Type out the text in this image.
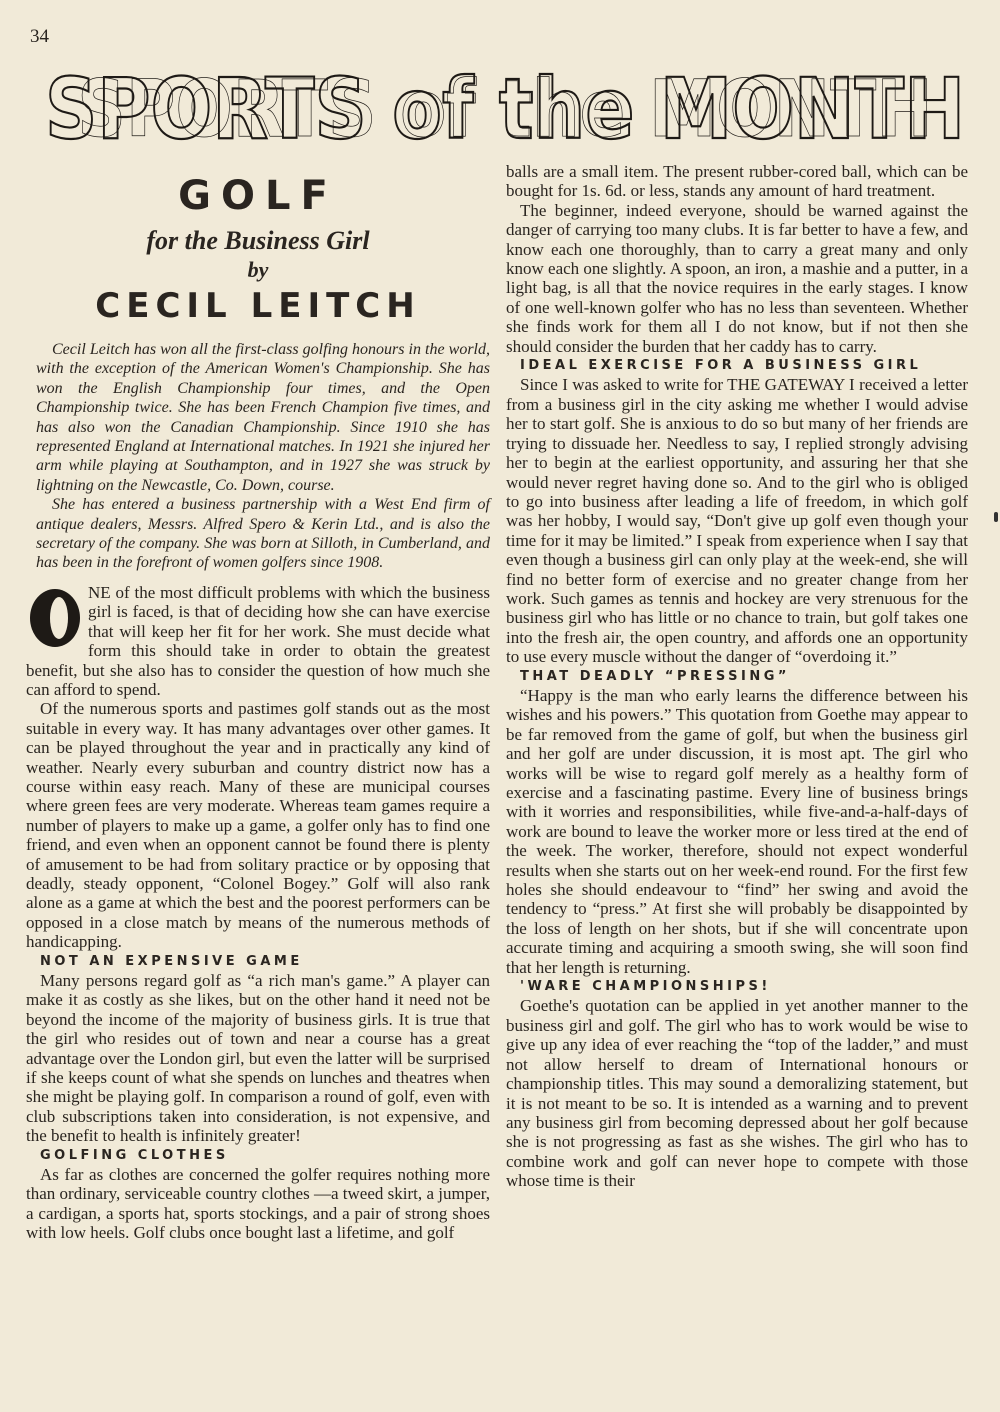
34
SPORTS of the MONTH
SPORTS of the MONTH
GOLF
for the Business Girl
by
CECIL LEITCH

Cecil Leitch has won all the first-class golfing honours in the world, with the exception of the American Women's Championship. She has won the English Championship four times, and the Open Championship twice. She has been French Champion five times, and has also won the Canadian Championship. Since 1910 she has represented England at International matches. In 1921 she injured her arm while playing at Southampton, and in 1927 she was struck by lightning on the Newcastle, Co. Down, course.

She has entered a business partnership with a West End firm of antique dealers, Messrs. Alfred Spero & Kerin Ltd., and is also the secretary of the company. She was born at Silloth, in Cumberland, and has been in the forefront of women golfers since 1908.

NE of the most difficult problems with which the business girl is faced, is that of deciding how she can have exercise that will keep her fit for her work. She must decide what form this should take in order to obtain the greatest benefit, but she also has to consider the question of how much she can afford to spend.

Of the numerous sports and pastimes golf stands out as the most suitable in every way. It has many advantages over other games. It can be played throughout the year and in practically any kind of weather. Nearly every suburban and country district now has a course within easy reach. Many of these are municipal courses where green fees are very moderate. Whereas team games require a number of players to make up a game, a golfer only has to find one friend, and even when an opponent cannot be found there is plenty of amusement to be had from solitary practice or by opposing that deadly, steady opponent, “Colonel Bogey.” Golf will also rank alone as a game at which the best and the poorest performers can be opposed in a close match by means of the numerous methods of handicapping.

NOT AN EXPENSIVE GAME

Many persons regard golf as “a rich man's game.” A player can make it as costly as she likes, but on the other hand it need not be beyond the income of the majority of business girls. It is true that the girl who resides out of town and near a course has a great advantage over the London girl, but even the latter will be surprised if she keeps count of what she spends on lunches and theatres when she might be playing golf. In comparison a round of golf, even with club subscriptions taken into consideration, is not expensive, and the benefit to health is infinitely greater!

GOLFING CLOTHES

As far as clothes are concerned the golfer requires nothing more than ordinary, serviceable country clothes —a tweed skirt, a jumper, a cardigan, a sports hat, sports stockings, and a pair of strong shoes with low heels. Golf clubs once bought last a lifetime, and golf

balls are a small item. The present rubber-cored ball, which can be bought for 1s. 6d. or less, stands any amount of hard treatment.

The beginner, indeed everyone, should be warned against the danger of carrying too many clubs. It is far better to have a few, and know each one thoroughly, than to carry a great many and only know each one slightly. A spoon, an iron, a mashie and a putter, in a light bag, is all that the novice requires in the early stages. I know of one well-known golfer who has no less than seventeen. Whether she finds work for them all I do not know, but if not then she should consider the burden that her caddy has to carry.

IDEAL EXERCISE FOR A BUSINESS GIRL

Since I was asked to write for THE GATEWAY I received a letter from a business girl in the city asking me whether I would advise her to start golf. She is anxious to do so but many of her friends are trying to dissuade her. Needless to say, I replied strongly advising her to begin at the earliest opportunity, and assuring her that she would never regret having done so. And to the girl who is obliged to go into business after leading a life of freedom, in which golf was her hobby, I would say, “Don't give up golf even though your time for it may be limited.” I speak from experience when I say that even though a business girl can only play at the week-end, she will find no better form of exercise and no greater change from her work. Such games as tennis and hockey are very strenuous for the business girl who has little or no chance to train, but golf takes one into the fresh air, the open country, and affords one an opportunity to use every muscle without the danger of “overdoing it.”

THAT DEADLY “PRESSING”

“Happy is the man who early learns the difference between his wishes and his powers.” This quotation from Goethe may appear to be far removed from the game of golf, but when the business girl and her golf are under discussion, it is most apt. The girl who works will be wise to regard golf merely as a healthy form of exercise and a fascinating pastime. Every line of business brings with it worries and responsibilities, while five-and-a-half-days of work are bound to leave the worker more or less tired at the end of the week. The worker, therefore, should not expect wonderful results when she starts out on her week-end round. For the first few holes she should endeavour to “find” her swing and avoid the tendency to “press.” At first she will probably be disappointed by the loss of length on her shots, but if she will concentrate upon accurate timing and acquiring a smooth swing, she will soon find that her length is returning.

'WARE CHAMPIONSHIPS!

Goethe's quotation can be applied in yet another manner to the business girl and golf. The girl who has to work would be wise to give up any idea of ever reaching the “top of the ladder,” and must not allow herself to dream of International honours or championship titles. This may sound a demoralizing statement, but it is not meant to be so. It is intended as a warning and to prevent any business girl from becoming depressed about her golf because she is not progressing as fast as she wishes. The girl who has to combine work and golf can never hope to compete with those whose time is their
